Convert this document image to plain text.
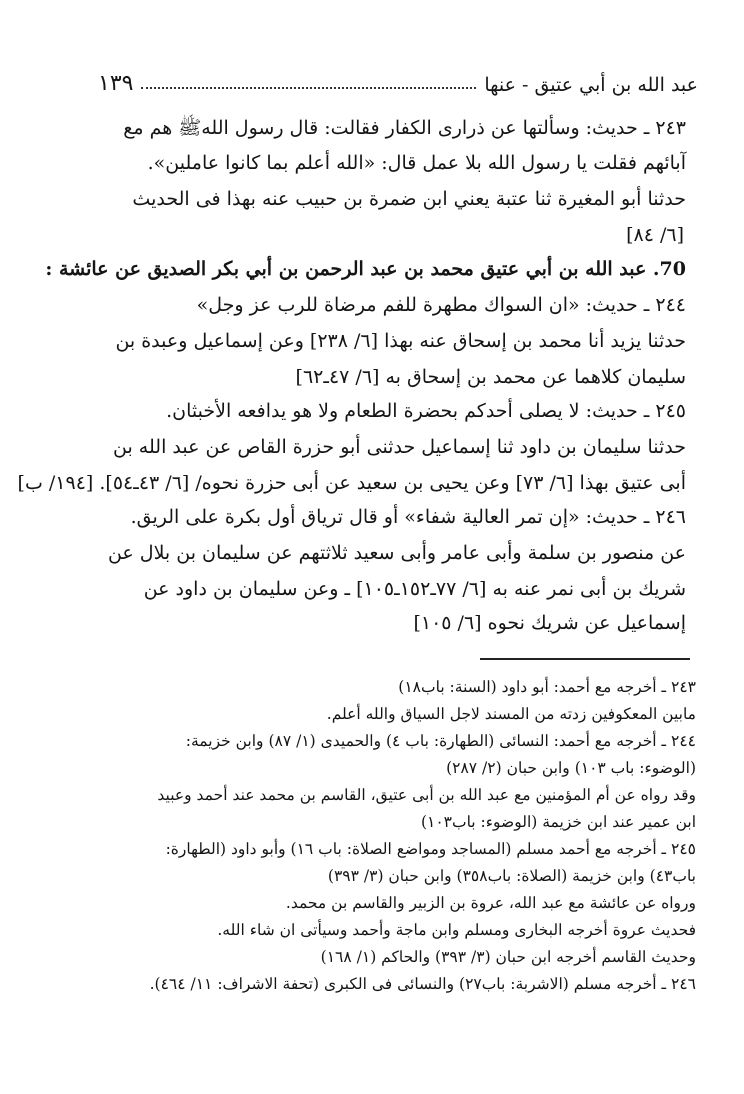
عبد الله بن أبي عتيق - عنها
١٣٩
٢٤٣ ـ حديث: وسألتها عن ذرارى الكفار فقالت: قال رسول اللهﷺ هم مع
آبائهم فقلت يا رسول الله بلا عمل قال: «الله أعلم بما كانوا عاملين».
حدثنا أبو المغيرة ثنا عتبة يعني ابن ضمرة بن حبيب عنه بهذا فى الحديث
[٦/ ٨٤]
70. عبد الله بن أبي عتيق محمد بن عبد الرحمن بن أبي بكر الصديق عن عائشة :
٢٤٤ ـ حديث: «ان السواك مطهرة للفم مرضاة للرب عز وجل»
حدثنا يزيد أنا محمد بن إسحاق عنه بهذا [٦/ ٢٣٨] وعن إسماعيل وعبدة بن
سليمان كلاهما عن محمد بن إسحاق به [٦/ ٤٧ـ٦٢]
٢٤٥ ـ حديث: لا يصلى أحدكم بحضرة الطعام ولا هو يدافعه الأخبثان.
حدثنا سليمان بن داود ثنا إسماعيل حدثنى أبو حزرة القاص عن عبد الله بن
أبى عتيق بهذا [٦/ ٧٣] وعن يحيى بن سعيد عن أبى حزرة نحوه/ [٦/ ٤٣ـ٥٤]. [١٩٤/ ب]
٢٤٦ ـ حديث: «إن تمر العالية شفاء» أو قال ترياق أول بكرة على الريق.
عن منصور بن سلمة وأبى عامر وأبى سعيد ثلاثتهم عن سليمان بن بلال عن
شريك بن أبى نمر عنه به [٦/ ٧٧ـ١٥٢ـ١٠٥] ـ وعن سليمان بن داود عن
إسماعيل عن شريك نحوه [٦/ ١٠٥]
٢٤٣ ـ أخرجه مع أحمد: أبو داود (السنة: باب١٨)
مابين المعكوفين زدته من المسند لاجل السياق والله أعلم.
٢٤٤ ـ أخرجه مع أحمد: النسائى (الطهارة: باب ٤) والحميدى (١/ ٨٧) وابن خزيمة:
(الوضوء: باب ١٠٣) وابن حبان (٢/ ٢٨٧)
وقد رواه عن أم المؤمنين مع عبد الله بن أبى عتيق، القاسم بن محمد عند أحمد وعبيد
ابن عمير عند ابن خزيمة (الوضوء: باب١٠٣)
٢٤٥ ـ أخرجه مع أحمد مسلم (المساجد ومواضع الصلاة: باب ١٦) وأبو داود (الطهارة:
باب٤٣) وابن خزيمة (الصلاة: باب٣٥٨) وابن حبان (٣/ ٣٩٣)
ورواه عن عائشة مع عبد الله، عروة بن الزبير والقاسم بن محمد.
فحديث عروة أخرجه البخارى ومسلم وابن ماجة وأحمد وسيأتى ان شاء الله.
وحديث القاسم أخرجه ابن حبان (٣/ ٣٩٣) والحاكم (١/ ١٦٨)
٢٤٦ ـ أخرجه مسلم (الاشربة: باب٢٧) والنسائى فى الكبرى (تحفة الاشراف: ١١/ ٤٦٤).
